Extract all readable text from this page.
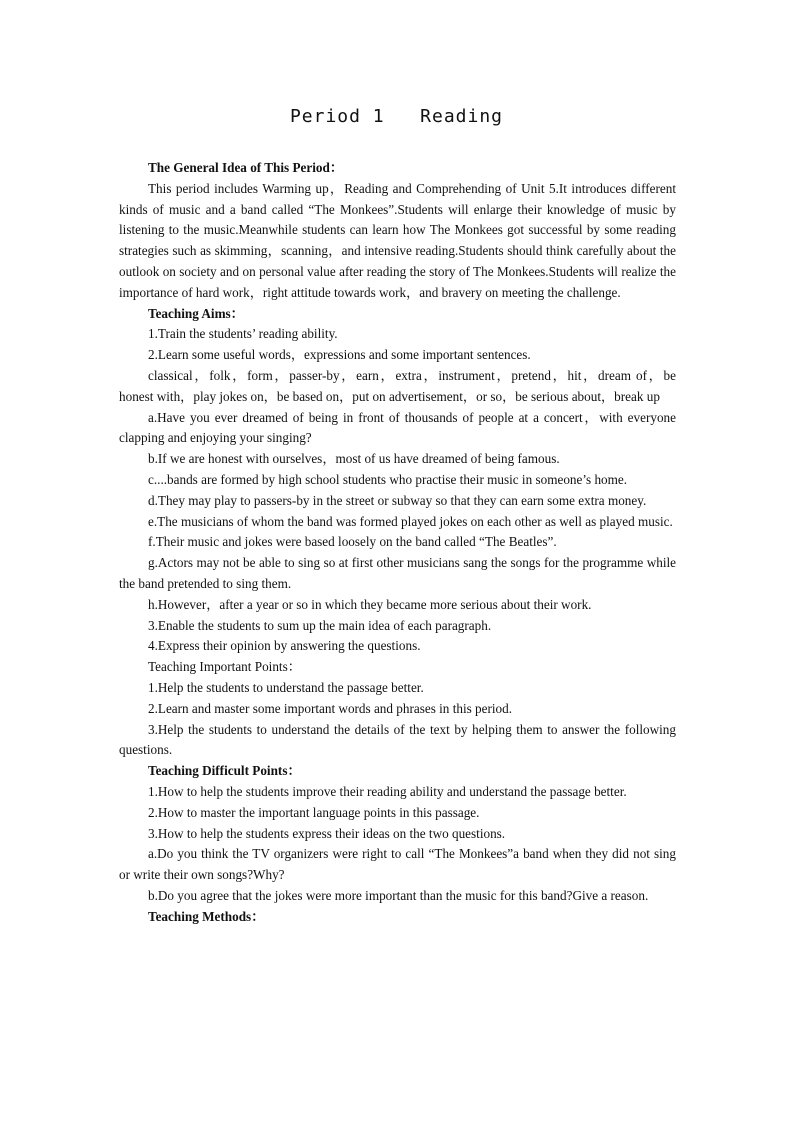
Period 1   Reading

The General Idea of This Period：

This period includes Warming up，Reading and Comprehending of Unit 5.It introduces different kinds of music and a band called “The Monkees”.Students will enlarge their knowledge of music by listening to the music.Meanwhile students can learn how The Monkees got successful by some reading strategies such as skimming，scanning，and intensive reading.Students should think carefully about the outlook on society and on personal value after reading the story of The Monkees.Students will realize the importance of hard work，right attitude towards work，and bravery on meeting the challenge.

Teaching Aims：

1.Train the students’ reading ability.

2.Learn some useful words，expressions and some important sentences.

classical，folk，form，passer-by，earn，extra，instrument，pretend，hit，dream of，be honest with，play jokes on，be based on，put on advertisement，or so，be serious about，break up

a.Have you ever dreamed of being in front of thousands of people at a concert，with everyone clapping and enjoying your singing?

b.If we are honest with ourselves，most of us have dreamed of being famous.

c....bands are formed by high school students who practise their music in someone’s home.

d.They may play to passers-by in the street or subway so that they can earn some extra money.

e.The musicians of whom the band was formed played jokes on each other as well as played music.

f.Their music and jokes were based loosely on the band called “The Beatles”.

g.Actors may not be able to sing so at first other musicians sang the songs for the programme while the band pretended to sing them.

h.However，after a year or so in which they became more serious about their work.

3.Enable the students to sum up the main idea of each paragraph.

4.Express their opinion by answering the questions.

Teaching Important Points：

1.Help the students to understand the passage better.

2.Learn and master some important words and phrases in this period.

3.Help the students to understand the details of the text by helping them to answer the following questions.

Teaching Difficult Points：

1.How to help the students improve their reading ability and understand the passage better.

2.How to master the important language points in this passage.

3.How to help the students express their ideas on the two questions.

a.Do you think the TV organizers were right to call “The Monkees”a band when they did not sing or write their own songs?Why?

b.Do you agree that the jokes were more important than the music for this band?Give a reason.

Teaching Methods：
